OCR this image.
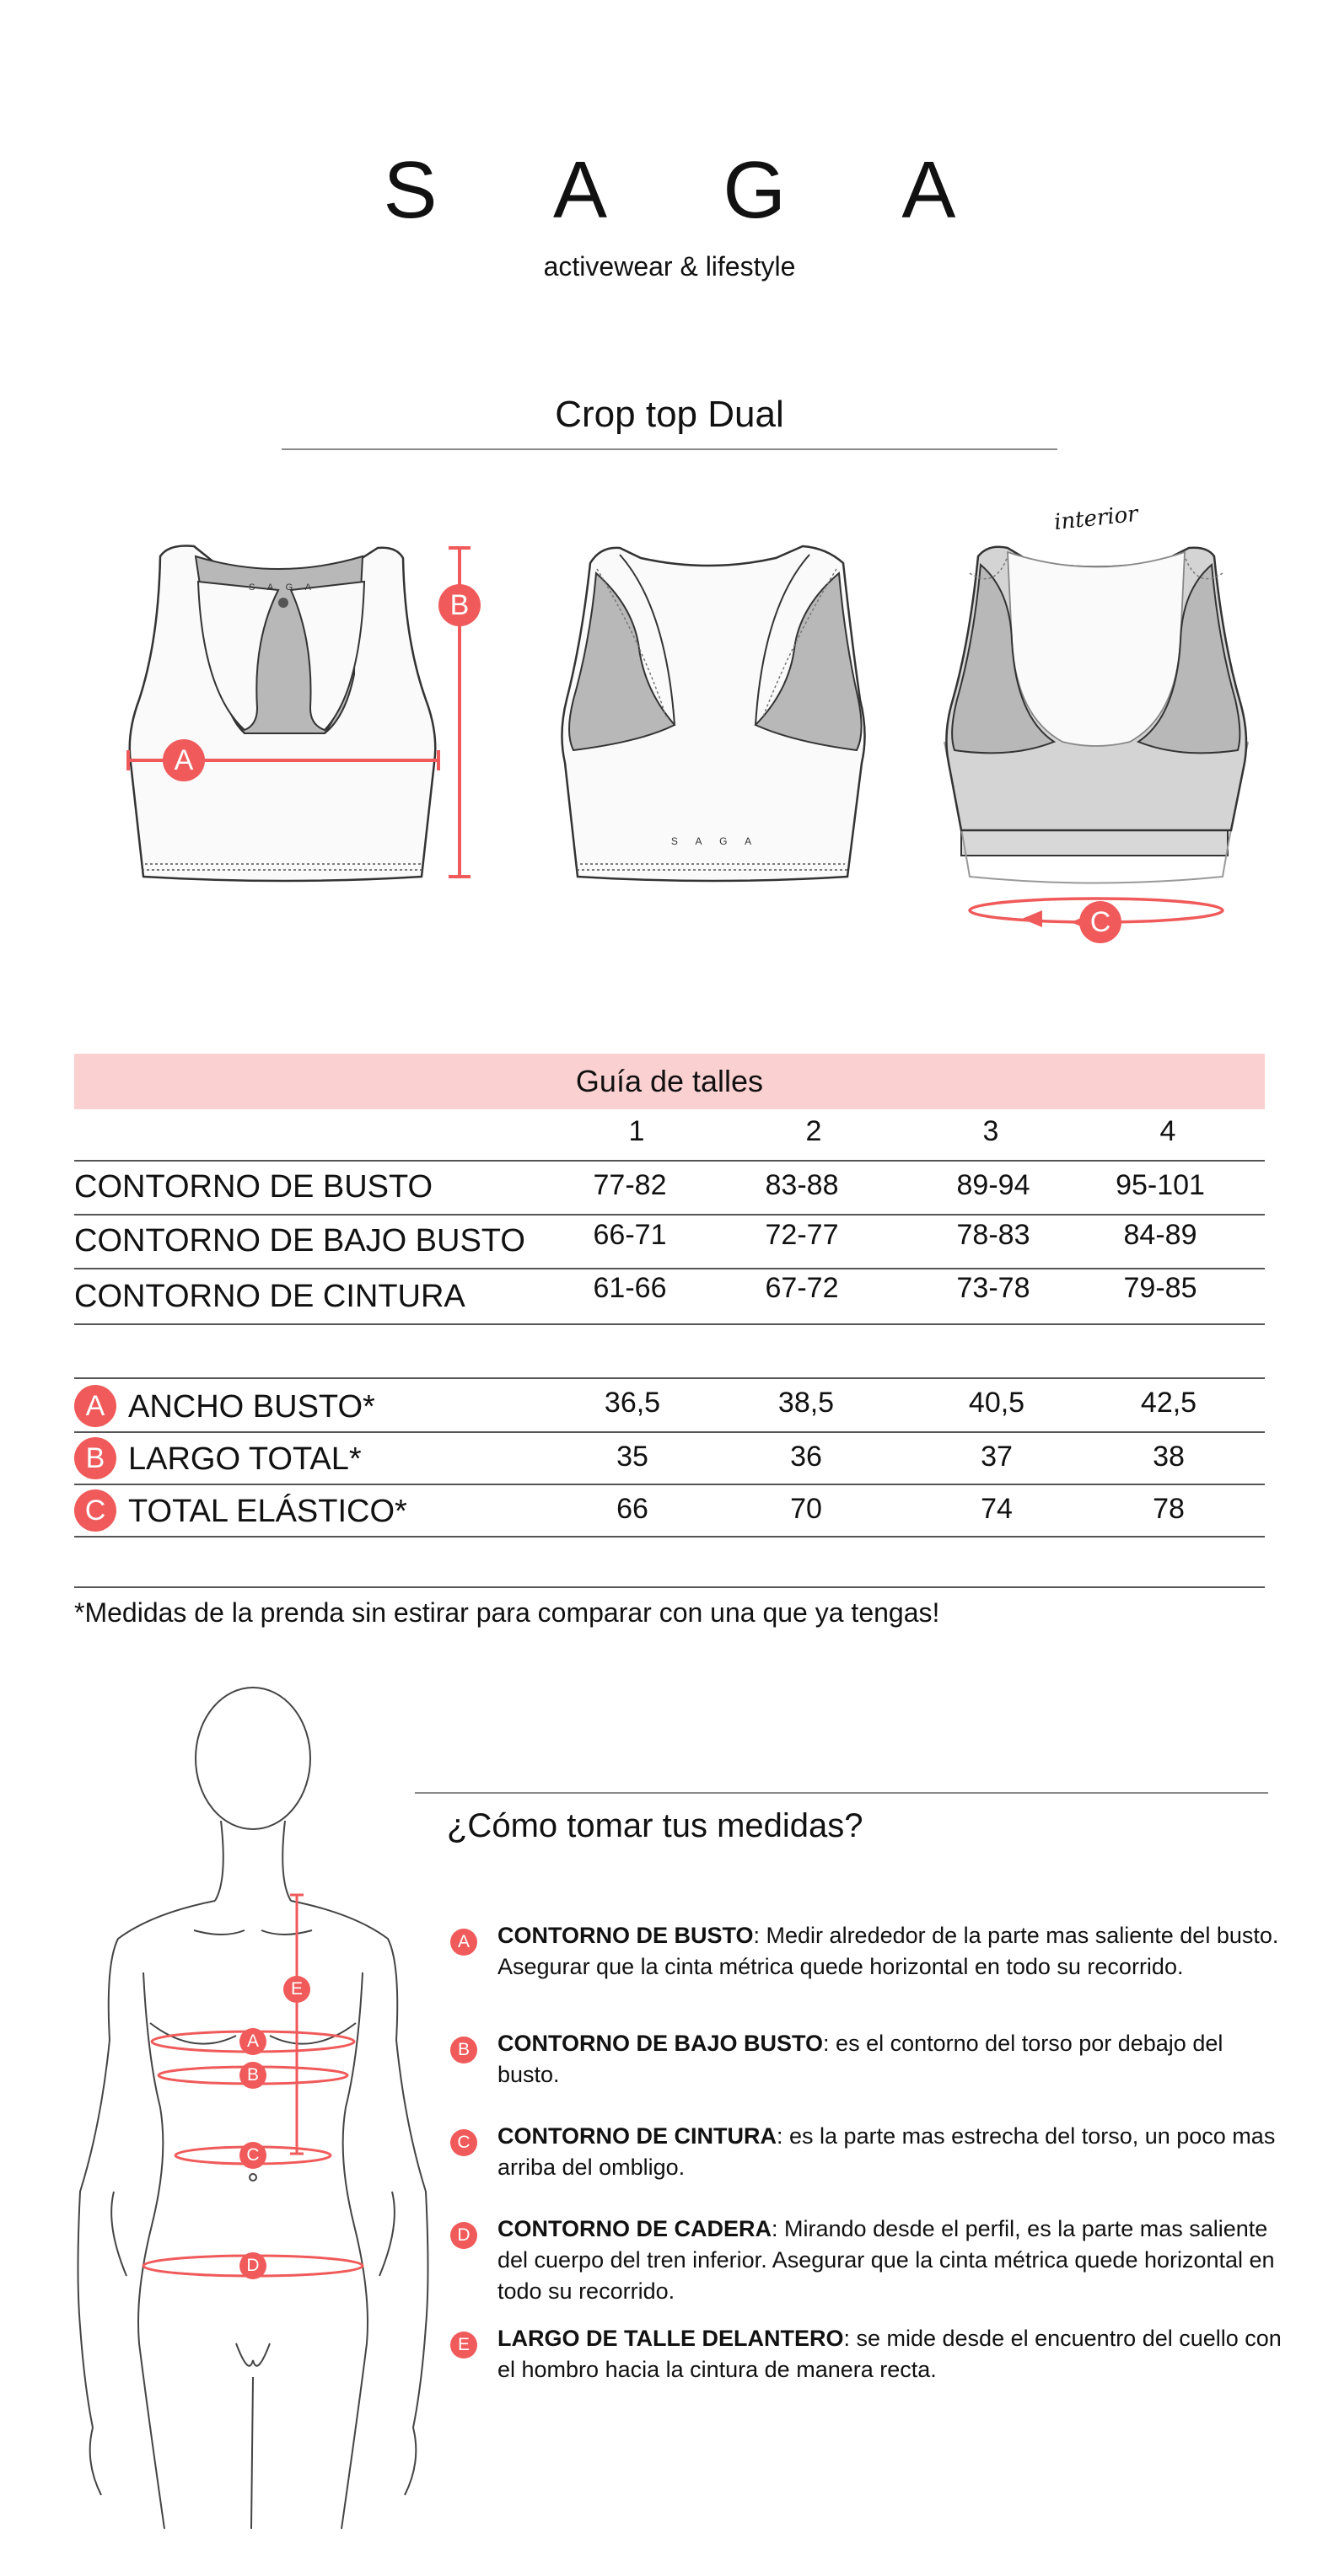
S A G A
activewear & lifestyle
Crop top Dual
S A G A
A
B
S A G A
interior
C
Guía de talles
1	2	3	4
CONTORNO DE BUSTO	77-82	83-88	89-94	95-101
CONTORNO DE BAJO BUSTO	66-71	72-77	78-83	84-89
CONTORNO DE CINTURA	61-66	67-72	73-78	79-85
A ANCHO BUSTO*	36,5	38,5	40,5	42,5
B LARGO TOTAL*	35	36	37	38
C TOTAL ELÁSTICO*	66	70	74	78
*Medidas de la prenda sin estirar para comparar con una que ya tengas!
E
A
B
C
D
¿Cómo tomar tus medidas?
A	CONTORNO DE BUSTO: Medir alrededor de la parte mas saliente del busto. Asegurar que la cinta métrica quede horizontal en todo su recorrido.
B	CONTORNO DE BAJO BUSTO: es el contorno del torso por debajo del busto.
C	CONTORNO DE CINTURA: es la parte mas estrecha del torso, un poco mas arriba del ombligo.
D	CONTORNO DE CADERA: Mirando desde el perfil, es la parte mas saliente del cuerpo del tren inferior. Asegurar que la cinta métrica quede horizontal en todo su recorrido.
E	LARGO DE TALLE DELANTERO: se mide desde el encuentro del cuello con el hombro hacia la cintura de manera recta.
